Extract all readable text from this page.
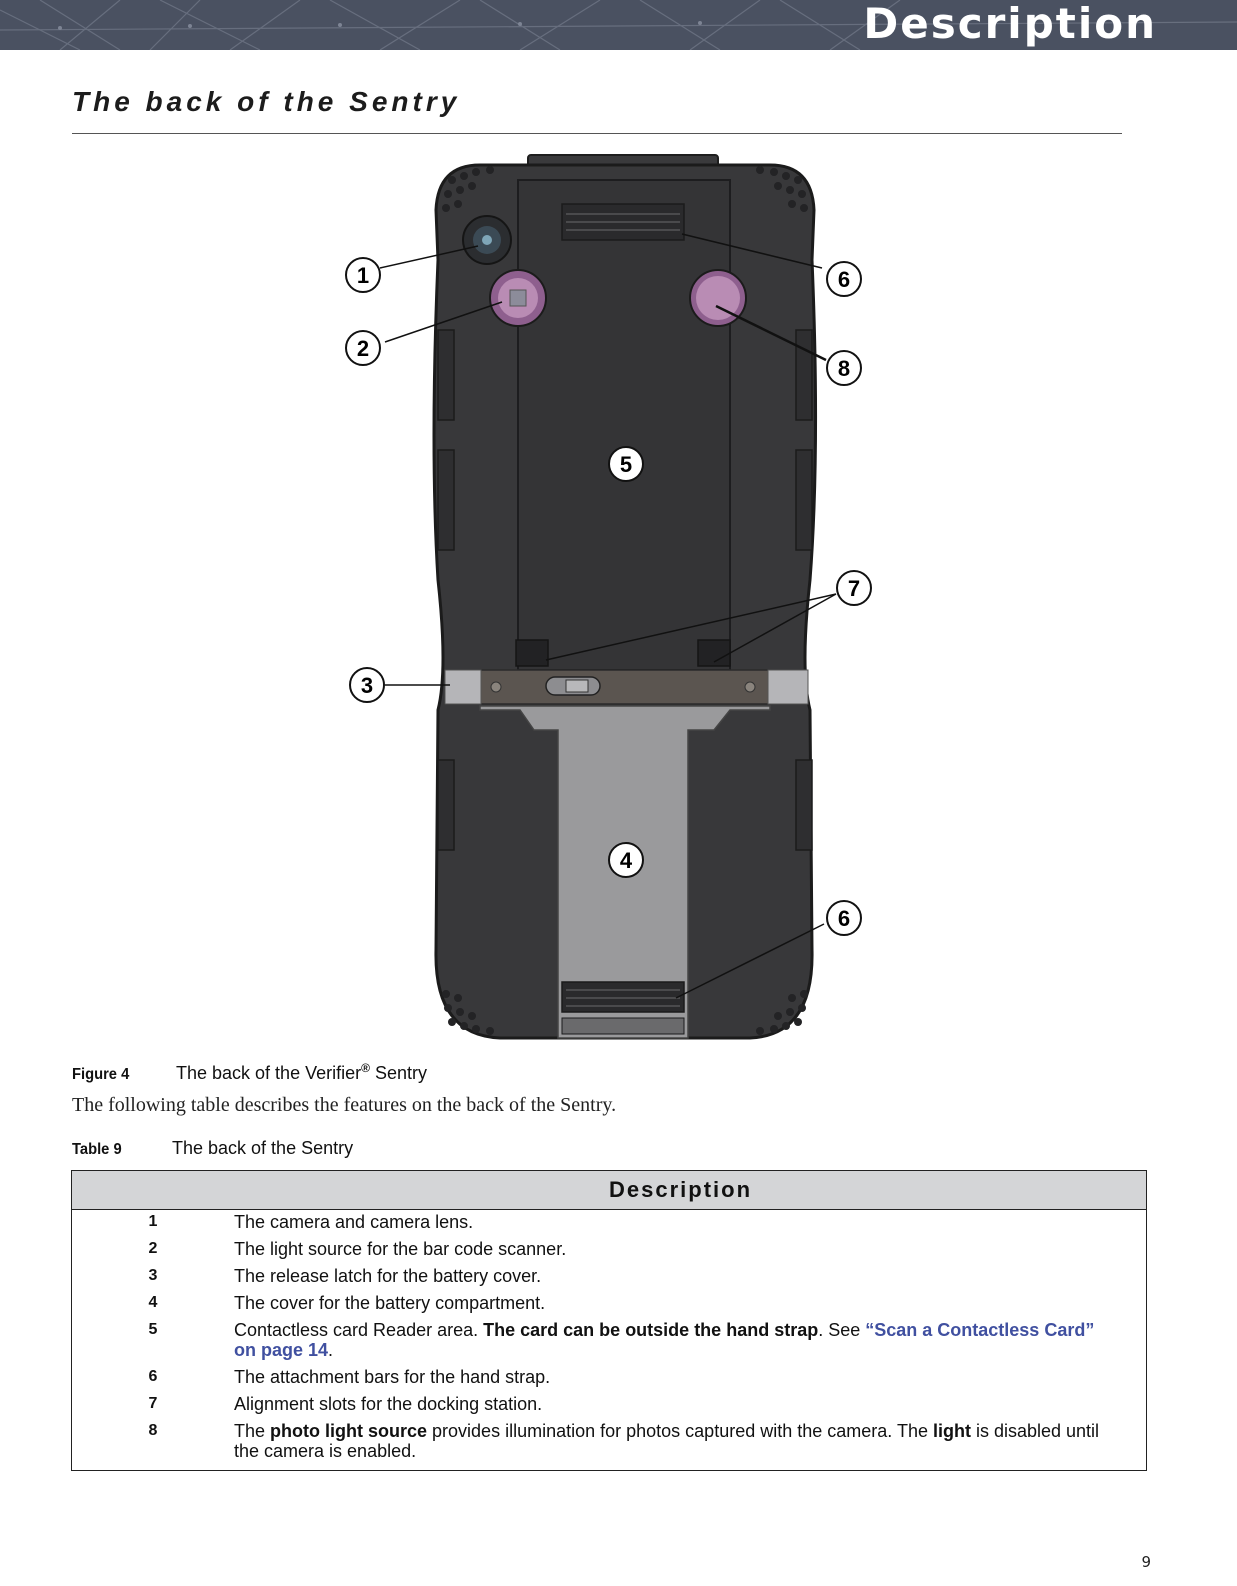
Description
The back of the Sentry
1
2
3
4
5
6
7
8
6
Figure 4	The back of the Verifier® Sentry
The following table describes the features on the back of the Sentry.
Table 9	The back of the Sentry
	Description
1	The camera and camera lens.
2	The light source for the bar code scanner.
3	The release latch for the battery cover.
4	The cover for the battery compartment.
5	Contactless card Reader area. The card can be outside the hand strap. See “Scan a Contactless Card” on page 14.
6	The attachment bars for the hand strap.
7	Alignment slots for the docking station.
8	The photo light source provides illumination for photos captured with the camera. The light is disabled until the camera is enabled.
9
